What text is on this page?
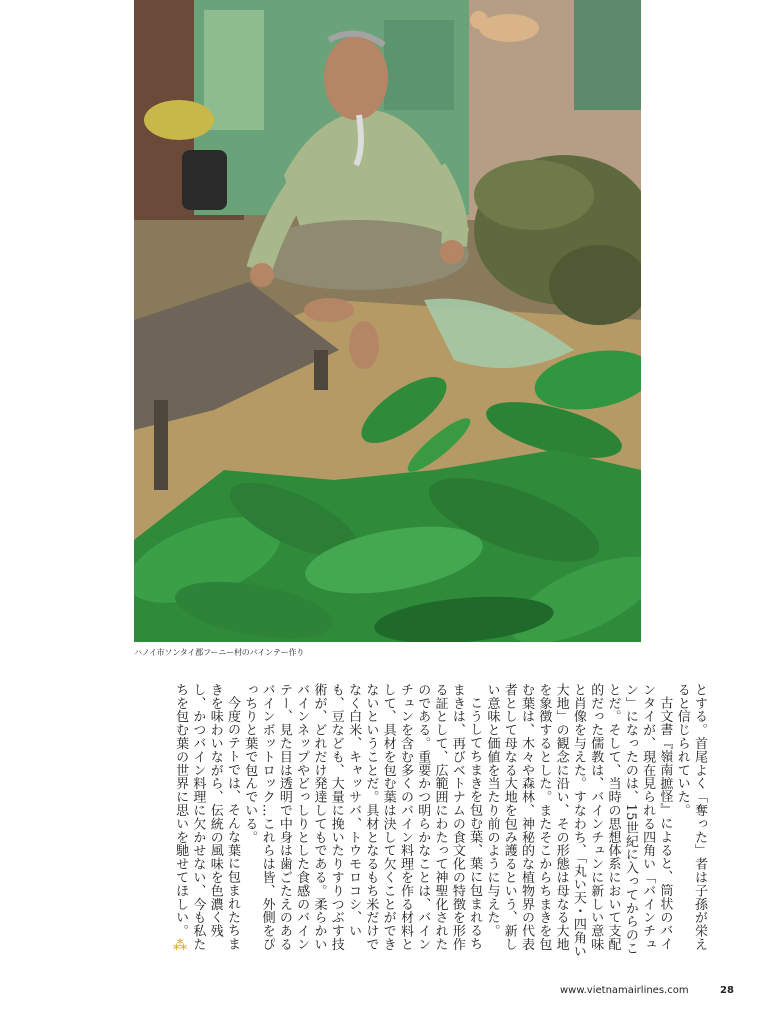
ハノイ市ソンタイ郡フーニー村のバインテー作り

とする。首尾よく「奪った」者は子孫が栄えると信じられていた。

古文書『嶺南摭怪』によると、筒状のバインタイが、現在見られる四角い「バインチュン」になったのは、15世紀に入ってからのことだ。そして、当時の思想体系において支配的だった儒教は、バインチュンに新しい意味と肖像を与えた。すなわち、「丸い天・四角い大地」の観念に沿い、その形態は母なる大地を象徴するとした。またそこからちまきを包む葉は、木々や森林、神秘的な植物界の代表者として母なる大地を包み護るという、新しい意味と価値を当たり前のように与えた。

こうしてちまきを包む葉、葉に包まれるちまきは、再びベトナムの食文化の特徴を形作る証として、広範囲にわたって神聖化されたのである。重要かつ明らかなことは、バインチュンを含む多くのバイン料理を作る材料として、具材を包む葉は決して欠くことができないということだ。具材となるもち米だけでなく白米、キャッサバ、トウモロコシ、いも、豆なども、大量に挽いたりすりつぶす技術が、どれだけ発達してもである。柔らかいバインネップやどっしりとした食感のバインテー、見た目は透明で中身は歯ごたえのあるバインボットロック…これらは皆、外側をぴっちりと葉で包んでいる。

今度のテトでは、そんな葉に包まれたちまきを味わいながら、伝統の風味を色濃く残し、かつバイン料理に欠かせない、今も私たちを包む葉の世界に思いを馳せてほしい。⁂

www.vietnamairlines.com	28
